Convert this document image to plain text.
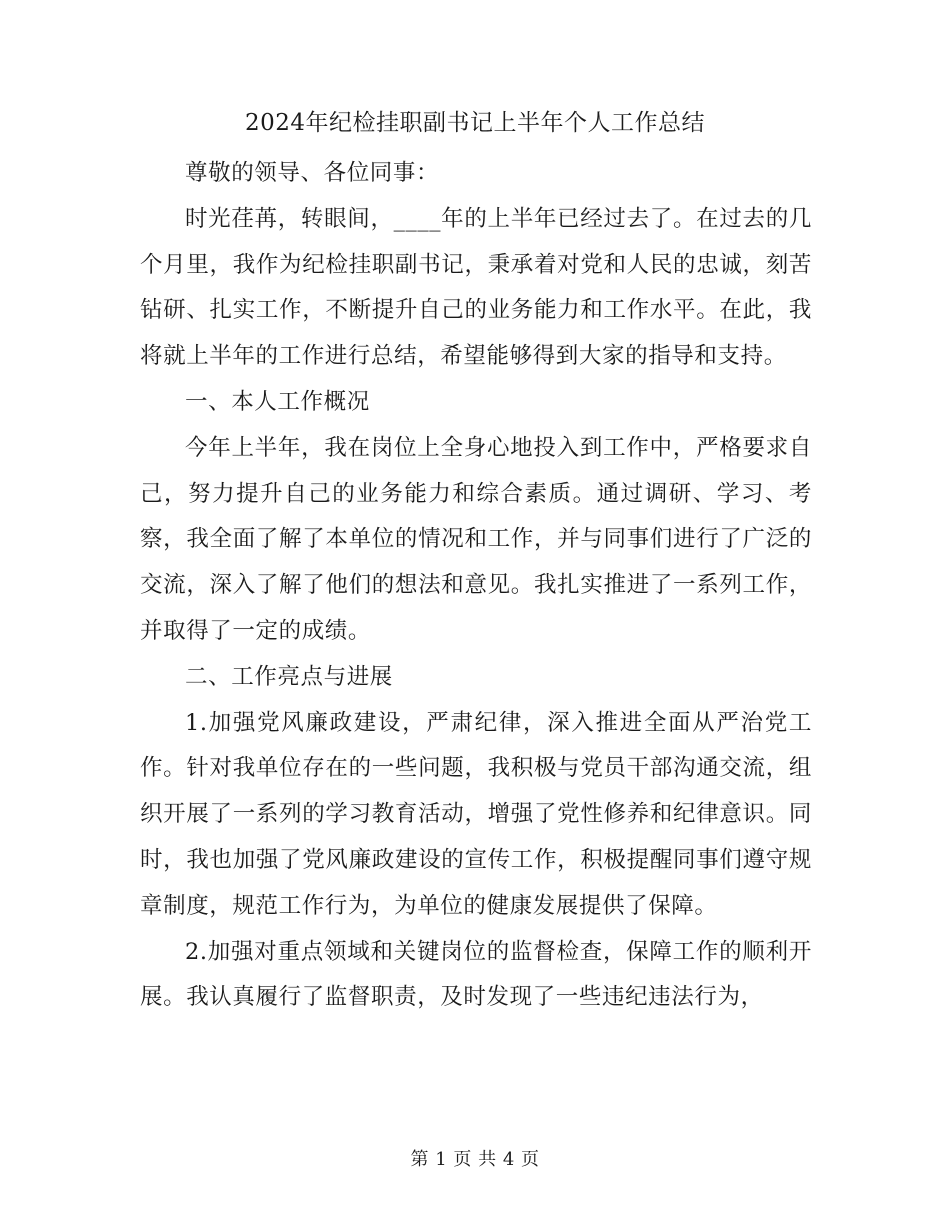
2024年纪检挂职副书记上半年个人工作总结

尊敬的领导、各位同事：

时光荏苒，转眼间，____年的上半年已经过去了。在过去的几个月里，我作为纪检挂职副书记，秉承着对党和人民的忠诚，刻苦钻研、扎实工作，不断提升自己的业务能力和工作水平。在此，我将就上半年的工作进行总结，希望能够得到大家的指导和支持。

一、本人工作概况

今年上半年，我在岗位上全身心地投入到工作中，严格要求自己，努力提升自己的业务能力和综合素质。通过调研、学习、考察，我全面了解了本单位的情况和工作，并与同事们进行了广泛的交流，深入了解了他们的想法和意见。我扎实推进了一系列工作，并取得了一定的成绩。

二、工作亮点与进展

1.加强党风廉政建设，严肃纪律，深入推进全面从严治党工作。针对我单位存在的一些问题，我积极与党员干部沟通交流，组织开展了一系列的学习教育活动，增强了党性修养和纪律意识。同时，我也加强了党风廉政建设的宣传工作，积极提醒同事们遵守规章制度，规范工作行为，为单位的健康发展提供了保障。

2.加强对重点领域和关键岗位的监督检查，保障工作的顺利开展。我认真履行了监督职责，及时发现了一些违纪违法行为，

第 1 页 共 4 页
